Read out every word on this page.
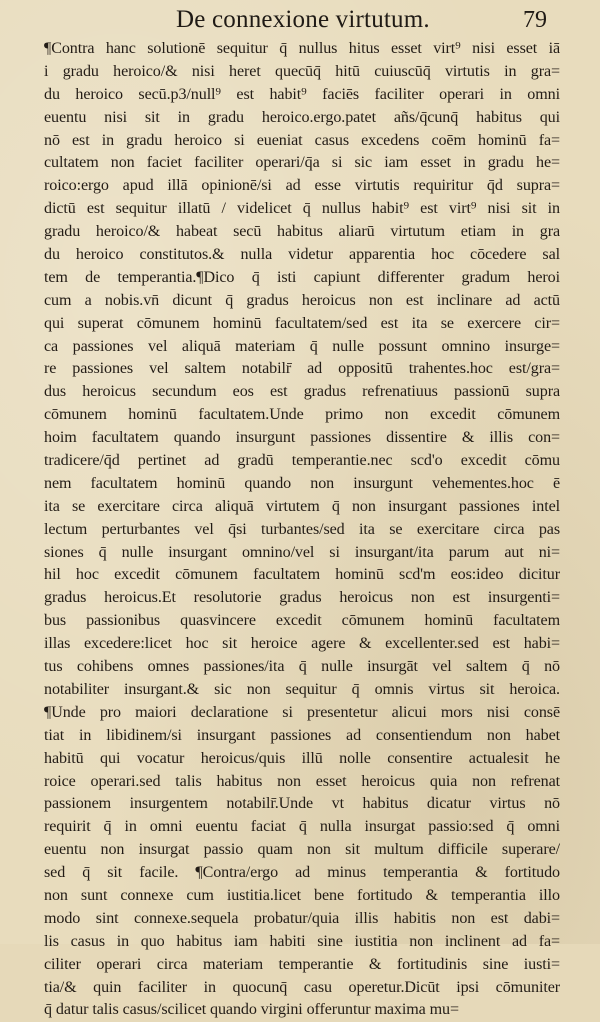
De connexione virtutum.	79
¶Contra hanc solutionē sequitur q̄ nullus hitus esset virt⁹ nisi esset iā
i gradu heroico/& nisi heret quecūq̄ hitū cuiuscūq̄ virtutis in gra=
du heroico secū.p3/null⁹ est habit⁹ faciēs faciliter operari in omni
euentu nisi sit in gradu heroico.ergo.patet añs/q̄cunq̄ habitus qui
nō est in gradu heroico si eueniat casus excedens coēm hominū fa=
cultatem non faciet faciliter operari/q̄a si sic iam esset in gradu he=
roico:ergo apud illā opinionē/si ad esse virtutis requiritur q̄d supra=
dictū est sequitur illatū / videlicet q̄ nullus habit⁹ est virt⁹ nisi sit in
gradu heroico/& habeat secū habitus aliarū virtutum etiam in gra
du heroico constitutos.& nulla videtur apparentia hoc cōcedere sal
tem de temperantia.¶Dico q̄ isti capiunt differenter gradum heroi
cum a nobis.vn̄ dicunt q̄ gradus heroicus non est inclinare ad actū
qui superat cōmunem hominū facultatem/sed est ita se exercere cir=
ca passiones vel aliquā materiam q̄ nulle possunt omnino insurge=
re passiones vel saltem notabilr̄ ad oppositū trahentes.hoc est/gra=
dus heroicus secundum eos est gradus refrenatiuus passionū supra
cōmunem hominū facultatem.Unde primo non excedit cōmunem
hoim facultatem quando insurgunt passiones dissentire & illis con=
tradicere/q̄d pertinet ad gradū temperantie.nec scd'o excedit cōmu
nem facultatem hominū quando non insurgunt vehementes.hoc ē
ita se exercitare circa aliquā virtutem q̄ non insurgant passiones intel
lectum perturbantes vel q̄si turbantes/sed ita se exercitare circa pas
siones q̄ nulle insurgant omnino/vel si insurgant/ita parum aut ni=
hil hoc excedit cōmunem facultatem hominū scd'm eos:ideo dicitur
gradus heroicus.Et resolutorie gradus heroicus non est insurgenti=
bus passionibus quasvincere excedit cōmunem hominū facultatem
illas excedere:licet hoc sit heroice agere & excellenter.sed est habi=
tus cohibens omnes passiones/ita q̄ nulle insurgāt vel saltem q̄ nō
notabiliter insurgant.& sic non sequitur q̄ omnis virtus sit heroica.
¶Unde pro maiori declaratione si presentetur alicui mors nisi consē
tiat in libidinem/si insurgant passiones ad consentiendum non habet
habitū qui vocatur heroicus/quis illū nolle consentire actualesit he
roice operari.sed talis habitus non esset heroicus quia non refrenat
passionem insurgentem notabilr̄.Unde vt habitus dicatur virtus nō
requirit q̄ in omni euentu faciat q̄ nulla insurgat passio:sed q̄ omni
euentu non insurgat passio quam non sit multum difficile superare/
sed q̄ sit facile. ¶Contra/ergo ad minus temperantia & fortitudo
non sunt connexe cum iustitia.licet bene fortitudo & temperantia illo
modo sint connexe.sequela probatur/quia illis habitis non est dabi=
lis casus in quo habitus iam habiti sine iustitia non inclinent ad fa=
ciliter operari circa materiam temperantie & fortitudinis sine iusti=
tia/& quin faciliter in quocunq̄ casu operetur.Dicūt ipsi cōmuniter
q̄ datur talis casus/scilicet quando virgini offeruntur maxima mu=
